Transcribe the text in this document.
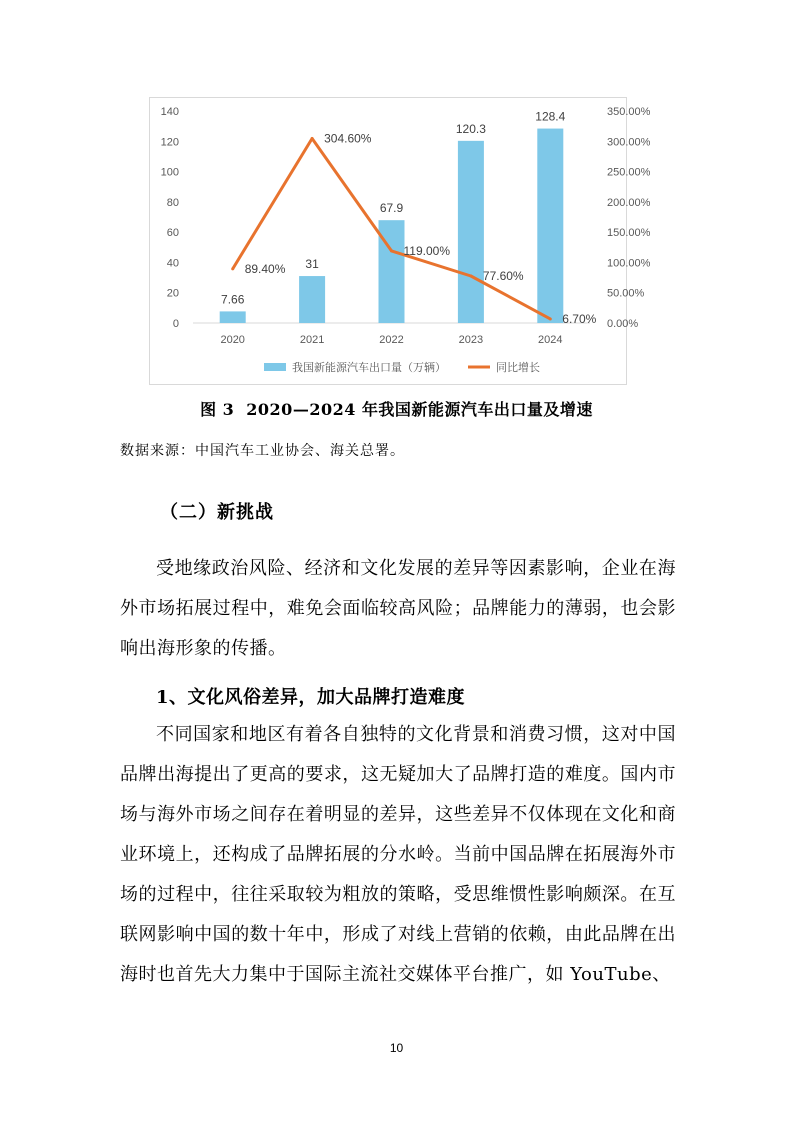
0
20
40
60
80
100
120
140
0.00%
50.00%
100.00%
150.00%
200.00%
250.00%
300.00%
350.00%
2020	2021	2022	2023	2024
7.66
31
67.9
120.3
128.4
89.40%
304.60%
119.00%
77.60%
6.70%
我国新能源汽车出口量（万辆）	同比增长
图 3 2020—2024 年我国新能源汽车出口量及增速
数据来源：中国汽车工业协会、海关总署。
（二）新挑战

受地缘政治风险、经济和文化发展的差异等因素影响，企业在海外市场拓展过程中，难免会面临较高风险；品牌能力的薄弱，也会影响出海形象的传播。

1、文化风俗差异，加大品牌打造难度

不同国家和地区有着各自独特的文化背景和消费习惯，这对中国品牌出海提出了更高的要求，这无疑加大了品牌打造的难度。国内市场与海外市场之间存在着明显的差异，这些差异不仅体现在文化和商业环境上，还构成了品牌拓展的分水岭。当前中国品牌在拓展海外市场的过程中，往往采取较为粗放的策略，受思维惯性影响颇深。在互联网影响中国的数十年中，形成了对线上营销的依赖，由此品牌在出海时也首先大力集中于国际主流社交媒体平台推广，如 YouTube、

10
